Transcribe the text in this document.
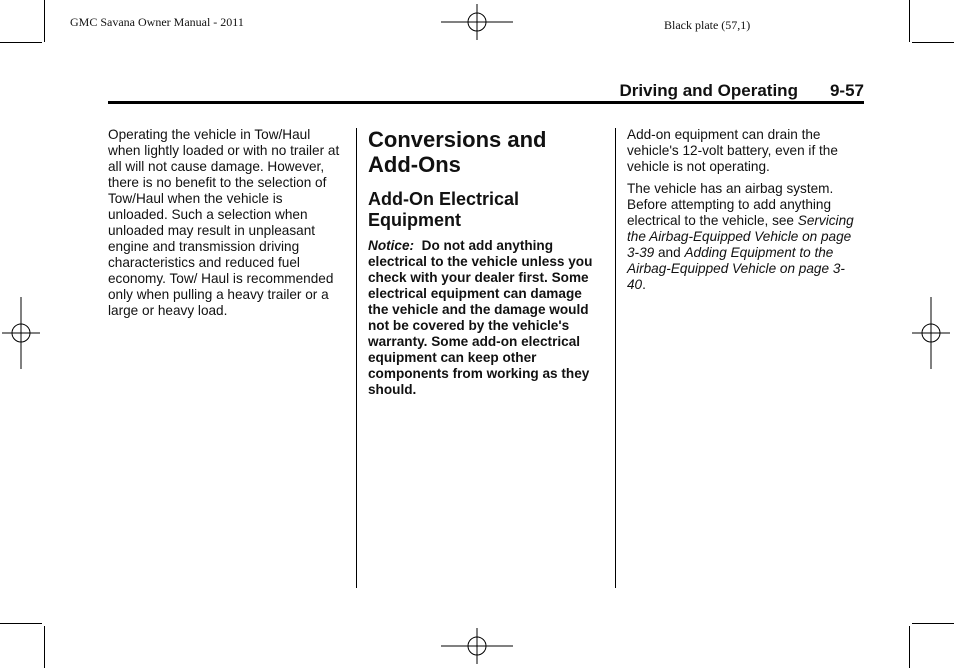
GMC Savana Owner Manual - 2011	Black plate (57,1)
Driving and Operating 9-57

Operating the vehicle in Tow/Haul when lightly loaded or with no trailer at all will not cause damage. However, there is no benefit to the selection of Tow/Haul when the vehicle is unloaded. Such a selection when unloaded may result in unpleasant engine and transmission driving characteristics and reduced fuel economy. Tow/ Haul is recommended only when pulling a heavy trailer or a large or heavy load.

Conversions and Add-Ons
Add-On Electrical Equipment

Notice: Do not add anything electrical to the vehicle unless you check with your dealer first. Some electrical equipment can damage the vehicle and the damage would not be covered by the vehicle's warranty. Some add-on electrical equipment can keep other components from working as they should.

Add-on equipment can drain the vehicle's 12-volt battery, even if the vehicle is not operating.

The vehicle has an airbag system. Before attempting to add anything electrical to the vehicle, see Servicing the Airbag-Equipped Vehicle on page 3-39 and Adding Equipment to the Airbag-Equipped Vehicle on page 3-40.
